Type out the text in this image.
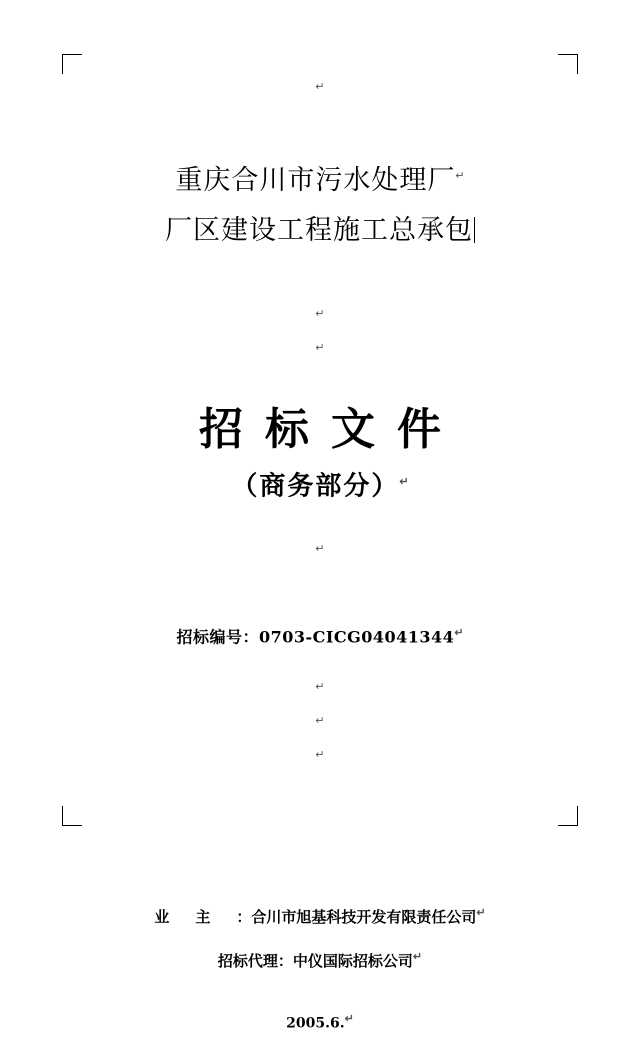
↵
重庆合川市污水处理厂↵
厂区建设工程施工总承包
↵
↵
招标文件
（商务部分）↵
↵
招标编号：0703-CICG04041344↵
↵
↵
↵
业主：合川市旭基科技开发有限责任公司↵
招标代理：中仪国际招标公司↵
2005.6.↵
